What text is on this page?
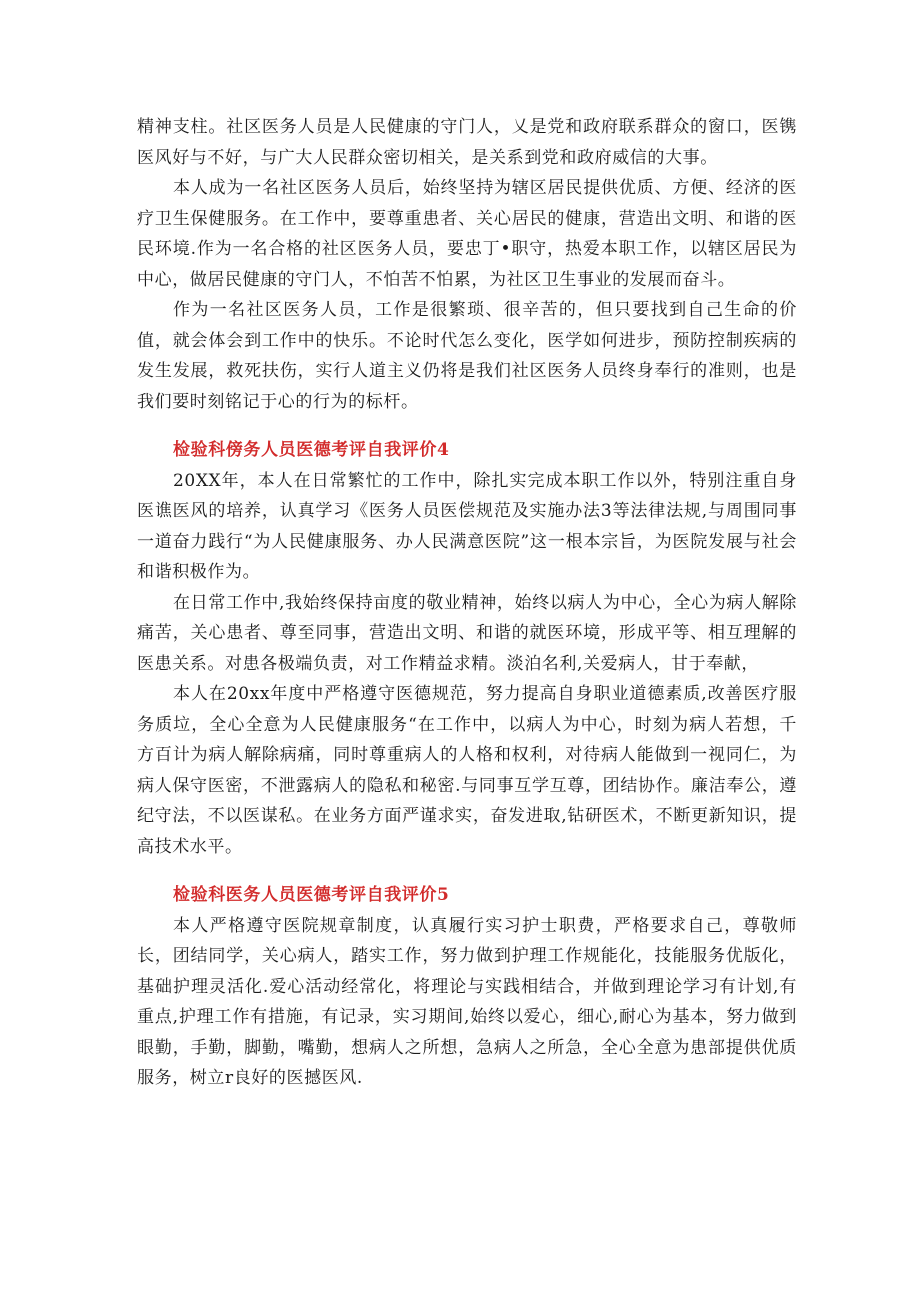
精神支柱。社区医务人员是人民健康的守门人，乂是党和政府联系群众的窗口，医镌医风好与不好，与广大人民群众密切相关，是关系到党和政府威信的大事。

本人成为一名社区医务人员后，始终坚持为辖区居民提供优质、方便、经济的医疗卫生保健服务。在工作中，要尊重患者、关心居民的健康，营造出文明、和谐的医民环境.作为一名合格的社区医务人员，要忠丁•职守，热爱本职工作，以辖区居民为中心，做居民健康的守门人，不怕苦不怕累，为社区卫生事业的发展而奋斗。

作为一名社区医务人员，工作是很繁琐、很辛苦的，但只要找到自己生命的价值，就会体会到工作中的快乐。不论时代怎么变化，医学如何进步，预防控制疾病的发生发展，救死扶伤，实行人道主义仍将是我们社区医务人员终身奉行的准则，也是我们要时刻铭记于心的行为的标杆。

检验科傍务人员医德考评自我评价4

20XX年，本人在日常繁忙的工作中，除扎实完成本职工作以外，特别注重自身医谯医风的培养，认真学习《医务人员医偿规范及实施办法3等法律法规,与周围同事一道奋力践行“为人民健康服务、办人民满意医院”这一根本宗旨，为医院发展与社会和谐积极作为。

在日常工作中,我始终保持亩度的敬业精神，始终以病人为中心，全心为病人解除痛苦，关心患者、尊至同事，营造出文明、和谐的就医环境，形成平等、相互理解的医患关系。对患各极端负责，对工作精益求精。淡泊名利,关爱病人，甘于奉献，

本人在20xx年度中严格遵守医德规范，努力提高自身职业道德素质,改善医疗服务质垃，全心全意为人民健康服务“在工作中，以病人为中心，时刻为病人若想，千方百计为病人解除病痛，同时尊重病人的人格和权利，对待病人能做到一视同仁，为病人保守医密，不泄露病人的隐私和秘密.与同事互学互尊，团结协作。廉洁奉公，遵纪守法，不以医谋私。在业务方面严谨求实，奋发进取,钻研医术，不断更新知识，提高技术水平。

检验科医务人员医德考评自我评价5

本人严格遵守医院规章制度，认真履行实习护士职费，严格要求自己，尊敬师长，团结同学，关心病人，踏实工作，努力做到护理工作规能化，技能服务优版化，基础护理灵活化.爱心活动经常化，将理论与实践相结合，并做到理论学习有计划,有重点,护理工作有措施，有记录，实习期间,始终以爱心，细心,耐心为基本，努力做到眼勤，手勤，脚勤，嘴勤，想病人之所想，急病人之所急，全心全意为患部提供优质服务，树立r良好的医撼医风.
